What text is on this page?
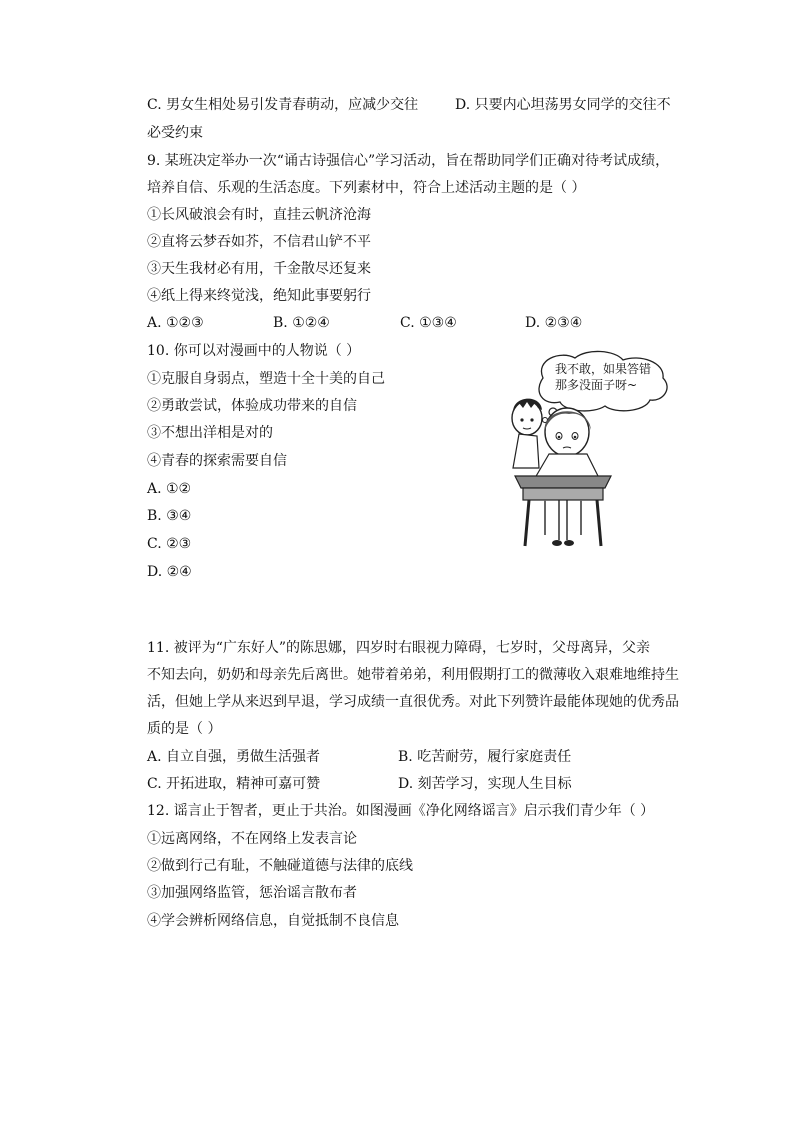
C. 男女生相处易引发青春萌动，应减少交往	D. 只要内心坦荡男女同学的交往不
必受约束
9. 某班决定举办一次“诵古诗强信心”学习活动，旨在帮助同学们正确对待考试成绩，
培养自信、乐观的生活态度。下列素材中，符合上述活动主题的是（ ）
①长风破浪会有时，直挂云帆济沧海
②直将云梦吞如芥，不信君山铲不平
③天生我材必有用，千金散尽还复来
④纸上得来终觉浅，绝知此事要躬行
A. ①②③	B. ①②④	C. ①③④	D. ②③④
10. 你可以对漫画中的人物说（ ）
①克服自身弱点，塑造十全十美的自己
②勇敢尝试，体验成功带来的自信
③不想出洋相是对的
④青春的探索需要自信
A. ①②
B. ③④
C. ②③
D. ②④
我不敢，如果答错
那多没面子呀~
11. 被评为“广东好人”的陈思娜，四岁时右眼视力障碍，七岁时，父母离异，父亲
不知去向，奶奶和母亲先后离世。她带着弟弟，利用假期打工的微薄收入艰难地维持生
活，但她上学从来迟到早退，学习成绩一直很优秀。对此下列赞许最能体现她的优秀品
质的是（ ）
A. 自立自强，勇做生活强者	B. 吃苦耐劳，履行家庭责任
C. 开拓进取，精神可嘉可赞	D. 刻苦学习，实现人生目标
12. 谣言止于智者，更止于共治。如图漫画《净化网络谣言》启示我们青少年（ ）
①远离网络，不在网络上发表言论
②做到行己有耻，不触碰道德与法律的底线
③加强网络监管，惩治谣言散布者
④学会辨析网络信息，自觉抵制不良信息
